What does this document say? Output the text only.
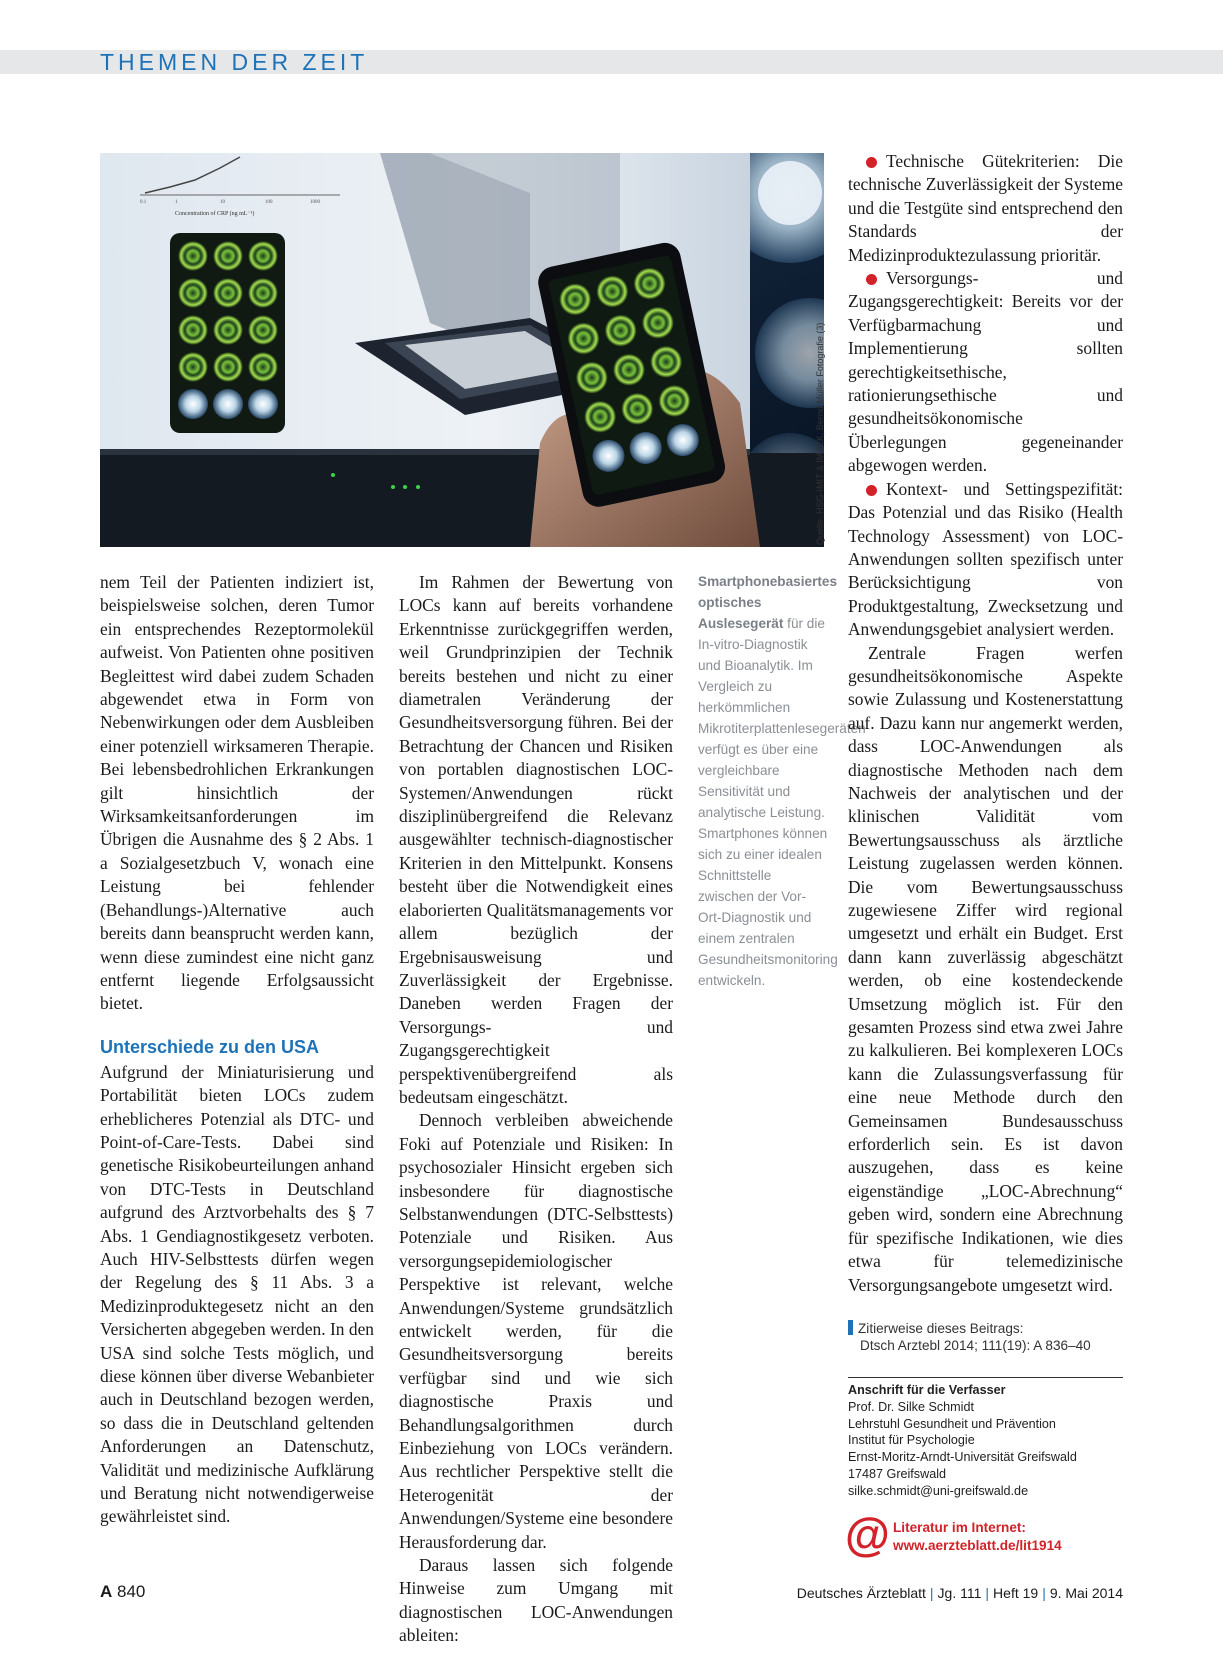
THEMEN DER ZEIT
0.1	1	10	100	1000
Concentration of CRP (ng mL⁻¹)
Quelle: HSG-IMIT & IMTEK, Bernd Müller Fotografie (3)

nem Teil der Patienten indiziert ist, beispielsweise solchen, deren Tumor ein entsprechendes Rezeptormolekül aufweist. Von Patienten ohne positiven Begleittest wird dabei zudem Schaden abgewendet etwa in Form von Nebenwirkungen oder dem Ausbleiben einer potenziell wirksameren Therapie. Bei lebensbedrohlichen Erkrankungen gilt hinsichtlich der Wirksamkeitsanforderungen im Übrigen die Ausnahme des § 2 Abs. 1 a Sozialgesetzbuch V, wonach eine Leistung bei fehlender (Behandlungs-)Alternative auch bereits dann beansprucht werden kann, wenn diese zumindest eine nicht ganz entfernt liegende Erfolgsaussicht bietet.

Unterschiede zu den USA

Aufgrund der Miniaturisierung und Portabilität bieten LOCs zudem erheblicheres Potenzial als DTC- und Point-of-Care-Tests. Dabei sind genetische Risikobeurteilungen anhand von DTC-Tests in Deutschland aufgrund des Arztvorbehalts des § 7 Abs. 1 Gendiagnostikgesetz verboten. Auch HIV-Selbsttests dürfen wegen der Regelung des § 11 Abs. 3 a Medizinproduktegesetz nicht an den Versicherten abgegeben werden. In den USA sind solche Tests möglich, und diese können über diverse Webanbieter auch in Deutschland bezogen werden, so dass die in Deutschland geltenden Anforderungen an Datenschutz, Validität und medizinische Aufklärung und Beratung nicht notwendigerweise gewährleistet sind.

Im Rahmen der Bewertung von LOCs kann auf bereits vorhandene Erkenntnisse zurückgegriffen werden, weil Grundprinzipien der Technik bereits bestehen und nicht zu einer diametralen Veränderung der Gesundheitsversorgung führen. Bei der Betrachtung der Chancen und Risiken von portablen diagnostischen LOC-Systemen/Anwendungen rückt disziplinübergreifend die Relevanz ausgewählter technisch-diagnostischer Kriterien in den Mittelpunkt. Konsens besteht über die Notwendigkeit eines elaborierten Qualitätsmanagements vor allem bezüglich der Ergebnisausweisung und Zuverlässigkeit der Ergebnisse. Daneben werden Fragen der Versorgungs- und Zugangsgerechtigkeit perspektivenübergreifend als bedeutsam eingeschätzt.

Dennoch verbleiben abweichende Foki auf Potenziale und Risiken: In psychosozialer Hinsicht ergeben sich insbesondere für diagnostische Selbstanwendungen (DTC-Selbsttests) Potenziale und Risiken. Aus versorgungsepidemiologischer Perspektive ist relevant, welche Anwendungen/Systeme grundsätzlich entwickelt werden, für die Gesundheitsversorgung bereits verfügbar sind und wie sich diagnostische Praxis und Behandlungsalgorithmen durch Einbeziehung von LOCs verändern. Aus rechtlicher Perspektive stellt die Heterogenität der Anwendungen/Systeme eine besondere Herausforderung dar.

Daraus lassen sich folgende Hinweise zum Umgang mit diagnostischen LOC-Anwendungen ableiten:

Smartphonebasiertes optisches Auslesegerät für die In-vitro-Diagnostik und Bioanalytik. Im Vergleich zu herkömmlichen Mikrotiterplattenlesegeräten verfügt es über eine vergleichbare Sensitivität und analytische Leistung. Smartphones können sich zu einer idealen Schnittstelle zwischen der Vor-Ort-Diagnostik und einem zentralen Gesundheitsmonitoring entwickeln.

Technische Gütekriterien: Die technische Zuverlässigkeit der Systeme und die Testgüte sind entsprechend den Standards der Medizinproduktezulassung prioritär.

Versorgungs- und Zugangsgerechtigkeit: Bereits vor der Verfügbarmachung und Implementierung sollten gerechtigkeitsethische, rationierungsethische und gesundheitsökonomische Überlegungen gegeneinander abgewogen werden.

Kontext- und Settingspezifität: Das Potenzial und das Risiko (Health Technology Assessment) von LOC-Anwendungen sollten spezifisch unter Berücksichtigung von Produktgestaltung, Zwecksetzung und Anwendungsgebiet analysiert werden.

Zentrale Fragen werfen gesundheitsökonomische Aspekte sowie Zulassung und Kostenerstattung auf. Dazu kann nur angemerkt werden, dass LOC-Anwendungen als diagnostische Methoden nach dem Nachweis der analytischen und der klinischen Validität vom Bewertungsausschuss als ärztliche Leistung zugelassen werden können. Die vom Bewertungsausschuss zugewiesene Ziffer wird regional umgesetzt und erhält ein Budget. Erst dann kann zuverlässig abgeschätzt werden, ob eine kostendeckende Umsetzung möglich ist. Für den gesamten Prozess sind etwa zwei Jahre zu kalkulieren. Bei komplexeren LOCs kann die Zulassungsverfassung für eine neue Methode durch den Gemeinsamen Bundesausschuss erforderlich sein. Es ist davon auszugehen, dass es keine eigenständige „LOC-Abrechnung“ geben wird, sondern eine Abrechnung für spezifische Indikationen, wie dies etwa für telemedizinische Versorgungsangebote umgesetzt wird.

Zitierweise dieses Beitrags:
Dtsch Arztebl 2014; 111(19): A 836–40
Anschrift für die Verfasser
Prof. Dr. Silke Schmidt
Lehrstuhl Gesundheit und Prävention
Institut für Psychologie
Ernst-Moritz-Arndt-Universität Greifswald
17487 Greifswald
silke.schmidt@uni-greifswald.de
@ Literatur im Internet:
www.aerzteblatt.de/lit1914
A 840	Deutsches Ärzteblatt | Jg. 111 | Heft 19 | 9. Mai 2014
